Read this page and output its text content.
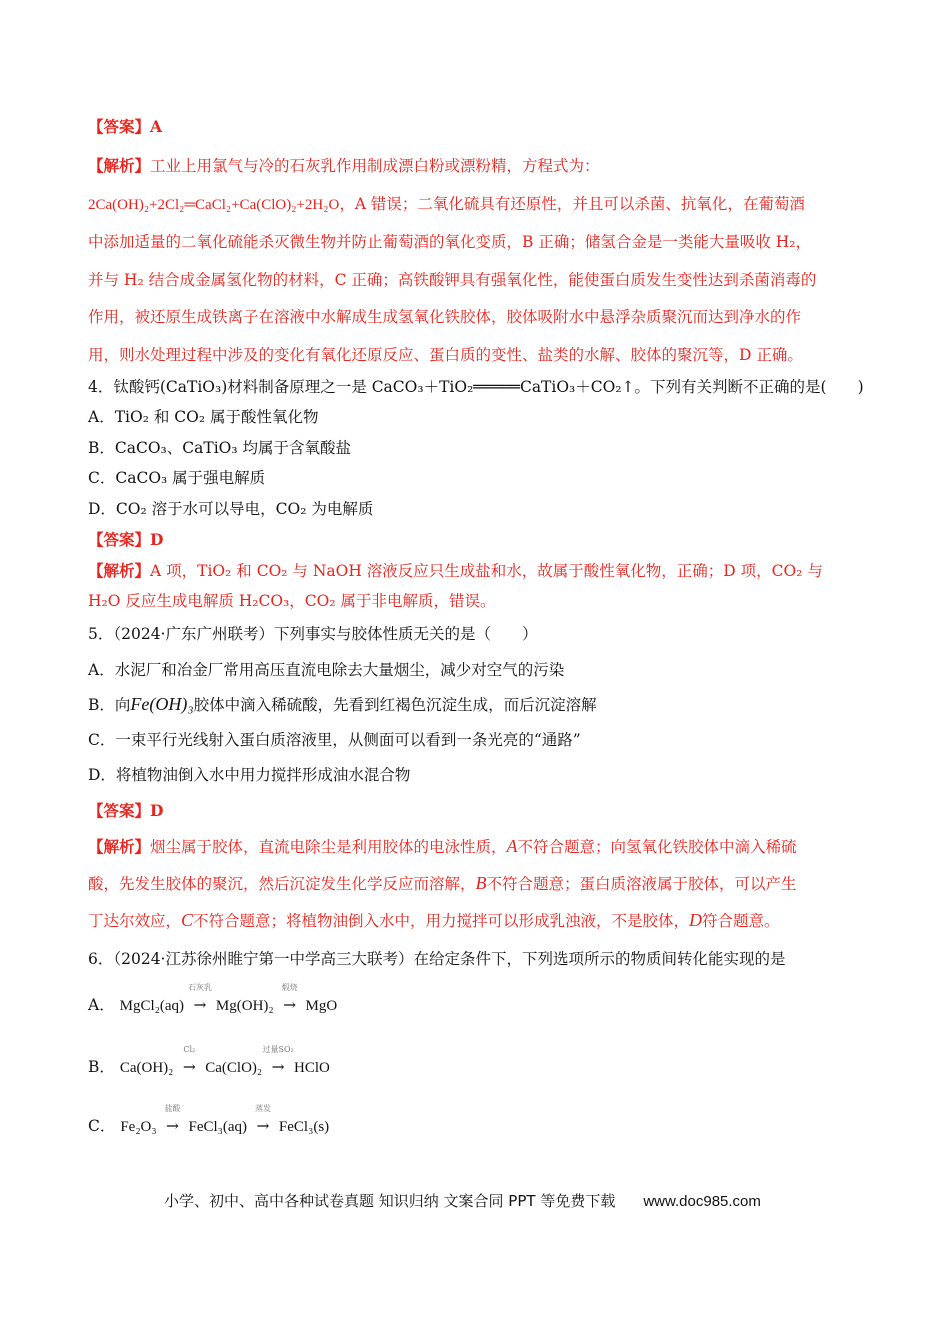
【答案】A
【解析】工业上用氯气与冷的石灰乳作用制成漂白粉或漂粉精，方程式为：
2Ca(OH)₂+2Cl₂═CaCl₂+Ca(ClO)₂+2H₂O，A 错误；二氧化硫具有还原性，并且可以杀菌、抗氧化，在葡萄酒
中添加适量的二氧化硫能杀灭微生物并防止葡萄酒的氧化变质，B 正确；储氢合金是一类能大量吸收 H₂，
并与 H₂ 结合成金属氢化物的材料，C 正确；高铁酸钾具有强氧化性，能使蛋白质发生变性达到杀菌消毒的
作用，被还原生成铁离子在溶液中水解成生成氢氧化铁胶体，胶体吸附水中悬浮杂质聚沉而达到净水的作
用，则水处理过程中涉及的变化有氧化还原反应、蛋白质的变性、盐类的水解、胶体的聚沉等，D 正确。
4．钛酸钙(CaTiO₃)材料制备原理之一是 CaCO₃＋TiO₂═════CaTiO₃＋CO₂↑。下列有关判断不正确的是(　　)
A．TiO₂ 和 CO₂ 属于酸性氧化物
B．CaCO₃、CaTiO₃ 均属于含氧酸盐
C．CaCO₃ 属于强电解质
D．CO₂ 溶于水可以导电，CO₂ 为电解质
【答案】D
【解析】A 项，TiO₂ 和 CO₂ 与 NaOH 溶液反应只生成盐和水，故属于酸性氧化物，正确；D 项，CO₂ 与
H₂O 反应生成电解质 H₂CO₃，CO₂ 属于非电解质，错误。
5．（2024·广东广州联考）下列事实与胶体性质无关的是（　　）
A．水泥厂和冶金厂常用高压直流电除去大量烟尘，减少对空气的污染
B．向Fe(OH)₃胶体中滴入稀硫酸，先看到红褐色沉淀生成，而后沉淀溶解
C．一束平行光线射入蛋白质溶液里，从侧面可以看到一条光亮的“通路”
D．将植物油倒入水中用力搅拌形成油水混合物
【答案】D
【解析】烟尘属于胶体，直流电除尘是利用胶体的电泳性质，A不符合题意；向氢氧化铁胶体中滴入稀硫
酸，先发生胶体的聚沉，然后沉淀发生化学反应而溶解，B不符合题意；蛋白质溶液属于胶体，可以产生
丁达尔效应，C不符合题意；将植物油倒入水中，用力搅拌可以形成乳浊液，不是胶体，D符合题意。
6．（2024·江苏徐州睢宁第一中学高三大联考）在给定条件下，下列选项所示的物质间转化能实现的是
A． MgCl₂(aq)
石灰乳
→ Mg(OH)₂
煅烧
→ MgO
B． Ca(OH)₂
Cl₂
→ Ca(ClO)₂
过量SO₂
→ HClO
C． Fe₂O₃
盐酸
→ FeCl₃(aq)
蒸发
→ FeCl₃(s)
小学、初中、高中各种试卷真题 知识归纳 文案合同 PPT 等免费下载 www.doc985.com
